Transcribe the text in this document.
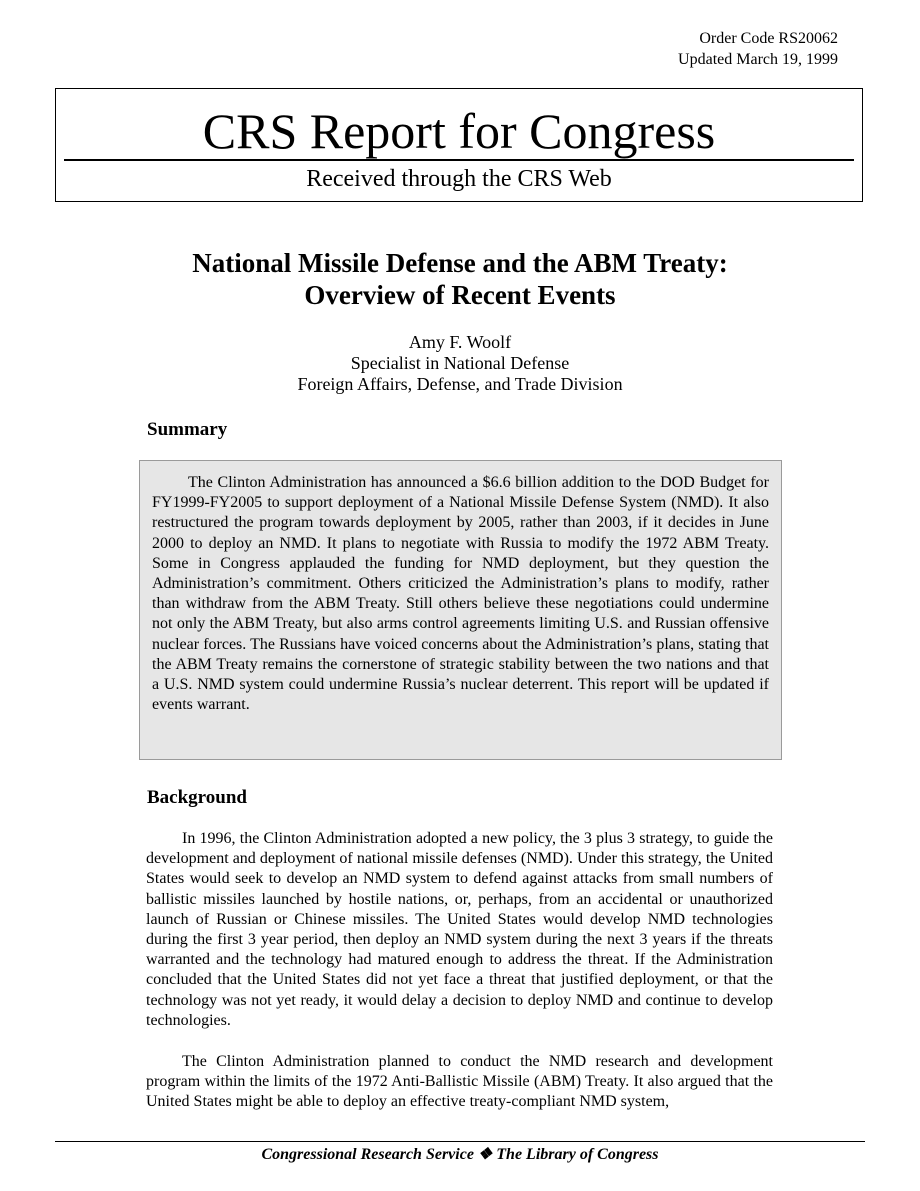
Order Code RS20062
Updated March 19, 1999
CRS Report for Congress
Received through the CRS Web
National Missile Defense and the ABM Treaty:
Overview of Recent Events
Amy F. Woolf
Specialist in National Defense
Foreign Affairs, Defense, and Trade Division
Summary

The Clinton Administration has announced a $6.6 billion addition to the DOD Budget for FY1999-FY2005 to support deployment of a National Missile Defense System (NMD). It also restructured the program towards deployment by 2005, rather than 2003, if it decides in June 2000 to deploy an NMD. It plans to negotiate with Russia to modify the 1972 ABM Treaty. Some in Congress applauded the funding for NMD deployment, but they question the Administration’s commitment. Others criticized the Administration’s plans to modify, rather than withdraw from the ABM Treaty. Still others believe these negotiations could undermine not only the ABM Treaty, but also arms control agreements limiting U.S. and Russian offensive nuclear forces. The Russians have voiced concerns about the Administration’s plans, stating that the ABM Treaty remains the cornerstone of strategic stability between the two nations and that a U.S. NMD system could undermine Russia’s nuclear deterrent. This report will be updated if events warrant.

Background

In 1996, the Clinton Administration adopted a new policy, the 3 plus 3 strategy, to guide the development and deployment of national missile defenses (NMD). Under this strategy, the United States would seek to develop an NMD system to defend against attacks from small numbers of ballistic missiles launched by hostile nations, or, perhaps, from an accidental or unauthorized launch of Russian or Chinese missiles. The United States would develop NMD technologies during the first 3 year period, then deploy an NMD system during the next 3 years if the threats warranted and the technology had matured enough to address the threat. If the Administration concluded that the United States did not yet face a threat that justified deployment, or that the technology was not yet ready, it would delay a decision to deploy NMD and continue to develop technologies.

The Clinton Administration planned to conduct the NMD research and development program within the limits of the 1972 Anti-Ballistic Missile (ABM) Treaty. It also argued that the United States might be able to deploy an effective treaty-compliant NMD system,

Congressional Research Service ❖ The Library of Congress
